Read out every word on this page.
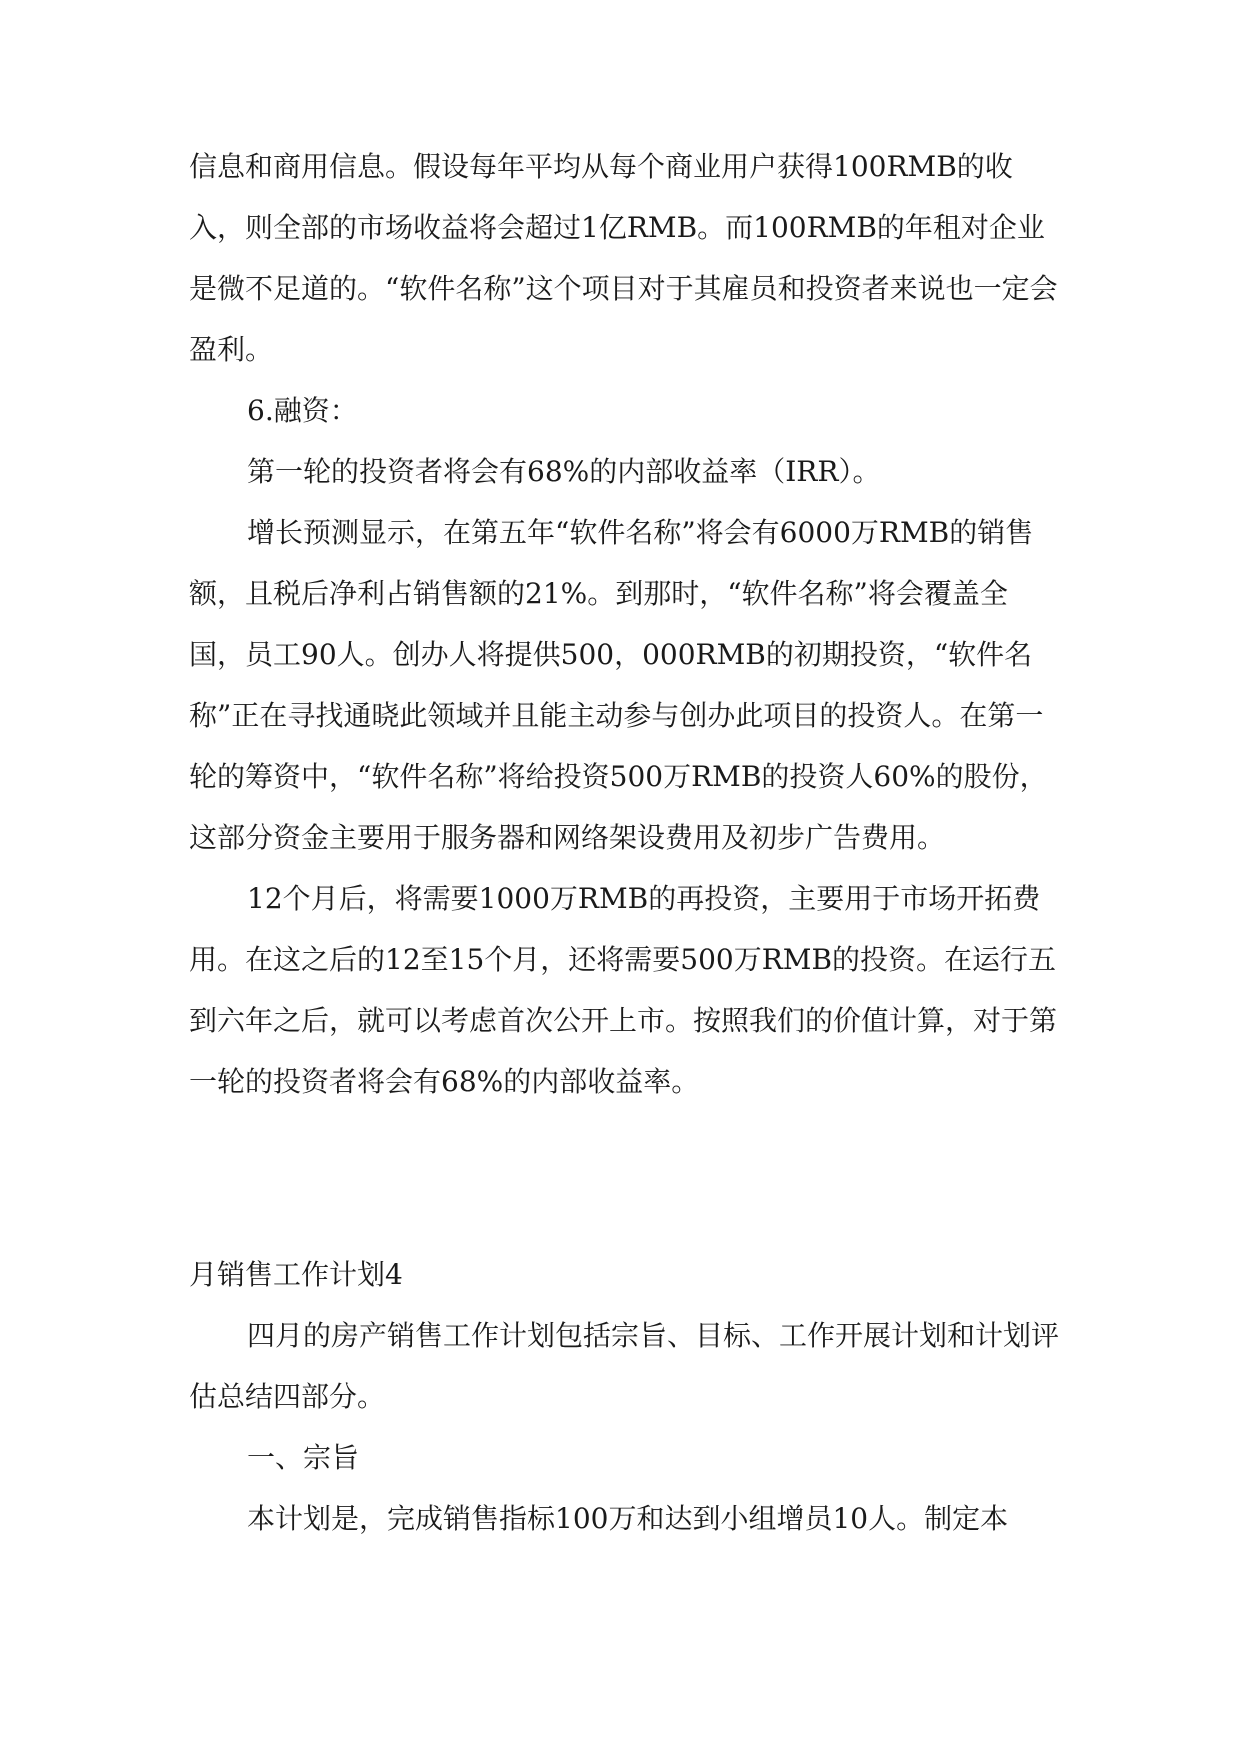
信息和商用信息。假设每年平均从每个商业用户获得100RMB的收入，则全部的市场收益将会超过1亿RMB。而100RMB的年租对企业是微不足道的。“软件名称”这个项目对于其雇员和投资者来说也一定会盈利。

6.融资：

第一轮的投资者将会有68%的内部收益率（IRR）。

增长预测显示，在第五年“软件名称”将会有6000万RMB的销售额，且税后净利占销售额的21%。到那时，“软件名称”将会覆盖全国，员工90人。创办人将提供500，000RMB的初期投资，“软件名称”正在寻找通晓此领域并且能主动参与创办此项目的投资人。在第一轮的筹资中，“软件名称”将给投资500万RMB的投资人60%的股份，这部分资金主要用于服务器和网络架设费用及初步广告费用。

12个月后，将需要1000万RMB的再投资，主要用于市场开拓费用。在这之后的12至15个月，还将需要500万RMB的投资。在运行五到六年之后，就可以考虑首次公开上市。按照我们的价值计算，对于第一轮的投资者将会有68%的内部收益率。

月销售工作计划4

四月的房产销售工作计划包括宗旨、目标、工作开展计划和计划评估总结四部分。

一、宗旨

本计划是，完成销售指标100万和达到小组增员10人。制定本
